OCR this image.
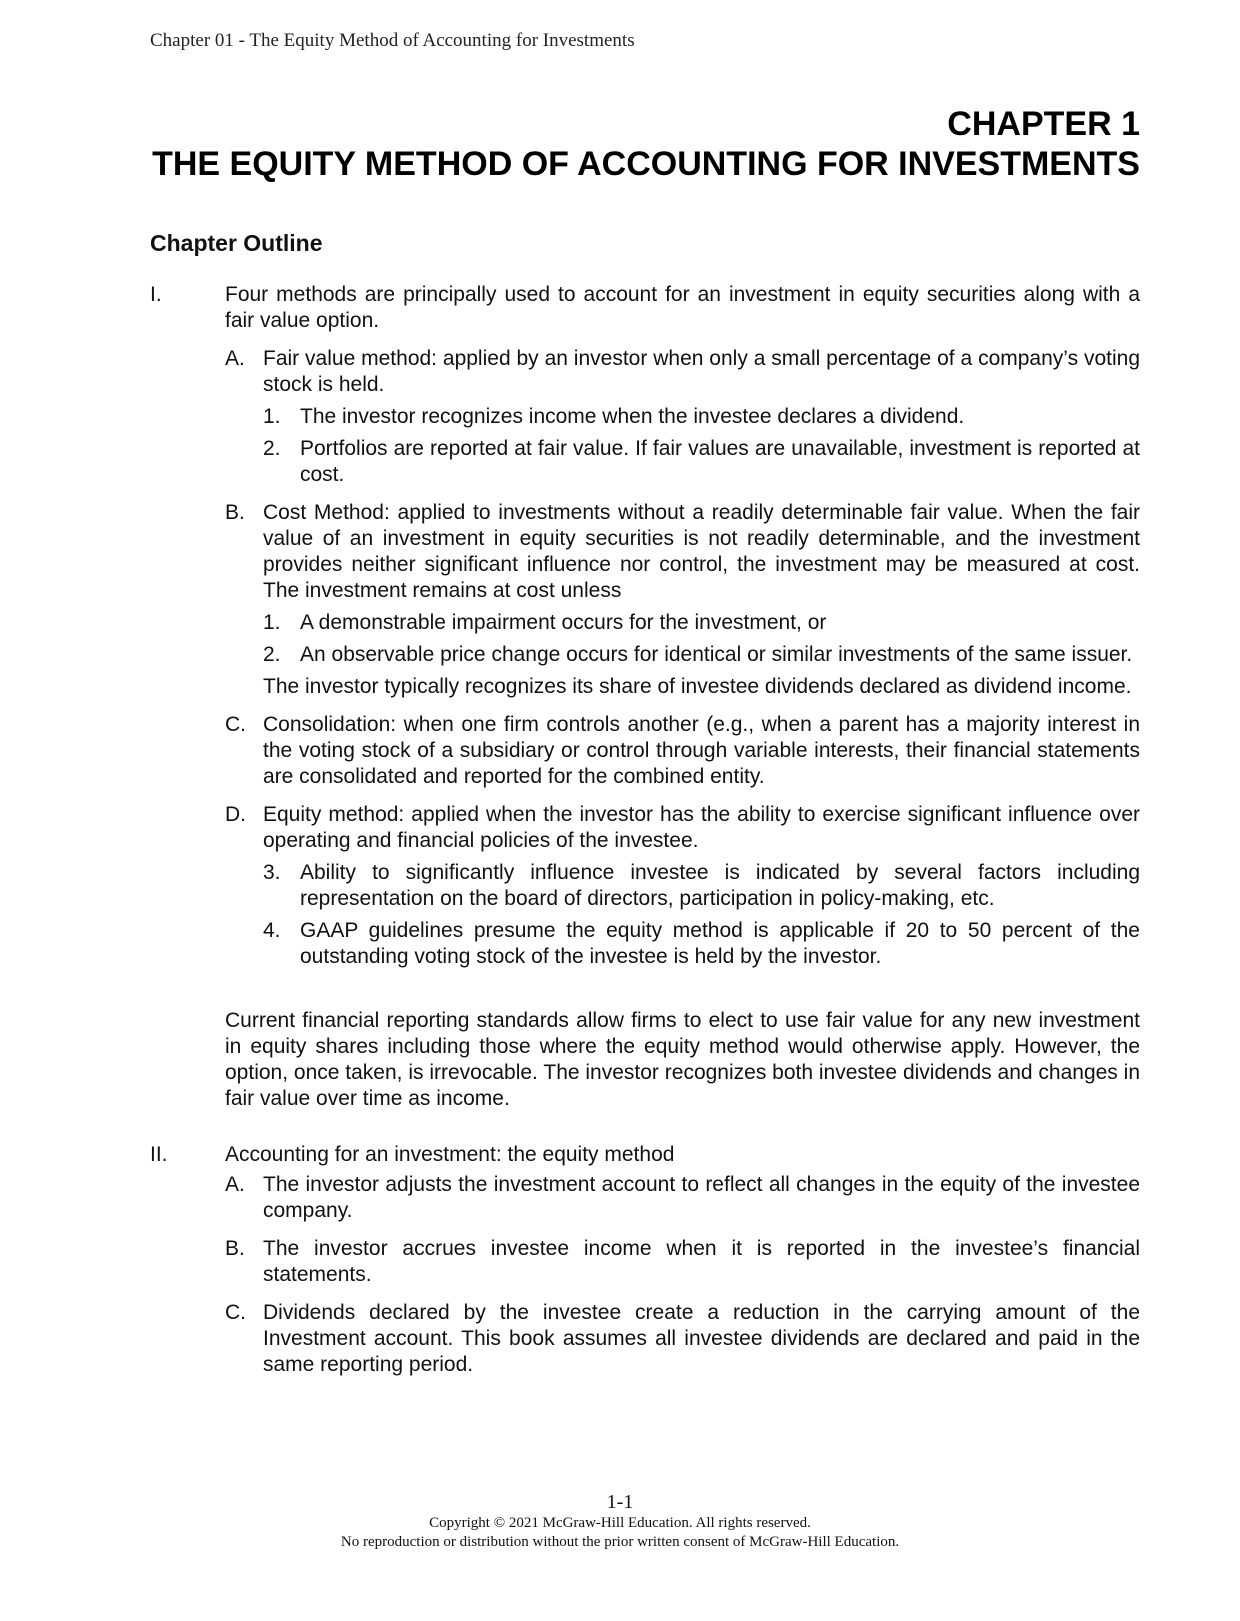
Chapter 01 - The Equity Method of Accounting for Investments
CHAPTER 1
THE EQUITY METHOD OF ACCOUNTING FOR INVESTMENTS
Chapter Outline
I.	Four methods are principally used to account for an investment in equity securities along with a fair value option.
A. Fair value method: applied by an investor when only a small percentage of a company’s voting stock is held.
1. The investor recognizes income when the investee declares a dividend.
2. Portfolios are reported at fair value. If fair values are unavailable, investment is reported at cost.
B. Cost Method: applied to investments without a readily determinable fair value. When the fair value of an investment in equity securities is not readily determinable, and the investment provides neither significant influence nor control, the investment may be measured at cost. The investment remains at cost unless
1. A demonstrable impairment occurs for the investment, or
2. An observable price change occurs for identical or similar investments of the same issuer.
The investor typically recognizes its share of investee dividends declared as dividend income.
C. Consolidation: when one firm controls another (e.g., when a parent has a majority interest in the voting stock of a subsidiary or control through variable interests, their financial statements are consolidated and reported for the combined entity.
D. Equity method: applied when the investor has the ability to exercise significant influence over operating and financial policies of the investee.
3. Ability to significantly influence investee is indicated by several factors including representation on the board of directors, participation in policy-making, etc.
4. GAAP guidelines presume the equity method is applicable if 20 to 50 percent of the outstanding voting stock of the investee is held by the investor.
Current financial reporting standards allow firms to elect to use fair value for any new investment in equity shares including those where the equity method would otherwise apply. However, the option, once taken, is irrevocable. The investor recognizes both investee dividends and changes in fair value over time as income.
II.	Accounting for an investment: the equity method
A. The investor adjusts the investment account to reflect all changes in the equity of the investee company.
B. The investor accrues investee income when it is reported in the investee’s financial statements.
C. Dividends declared by the investee create a reduction in the carrying amount of the Investment account. This book assumes all investee dividends are declared and paid in the same reporting period.
1-1
Copyright © 2021 McGraw-Hill Education. All rights reserved.
No reproduction or distribution without the prior written consent of McGraw-Hill Education.
